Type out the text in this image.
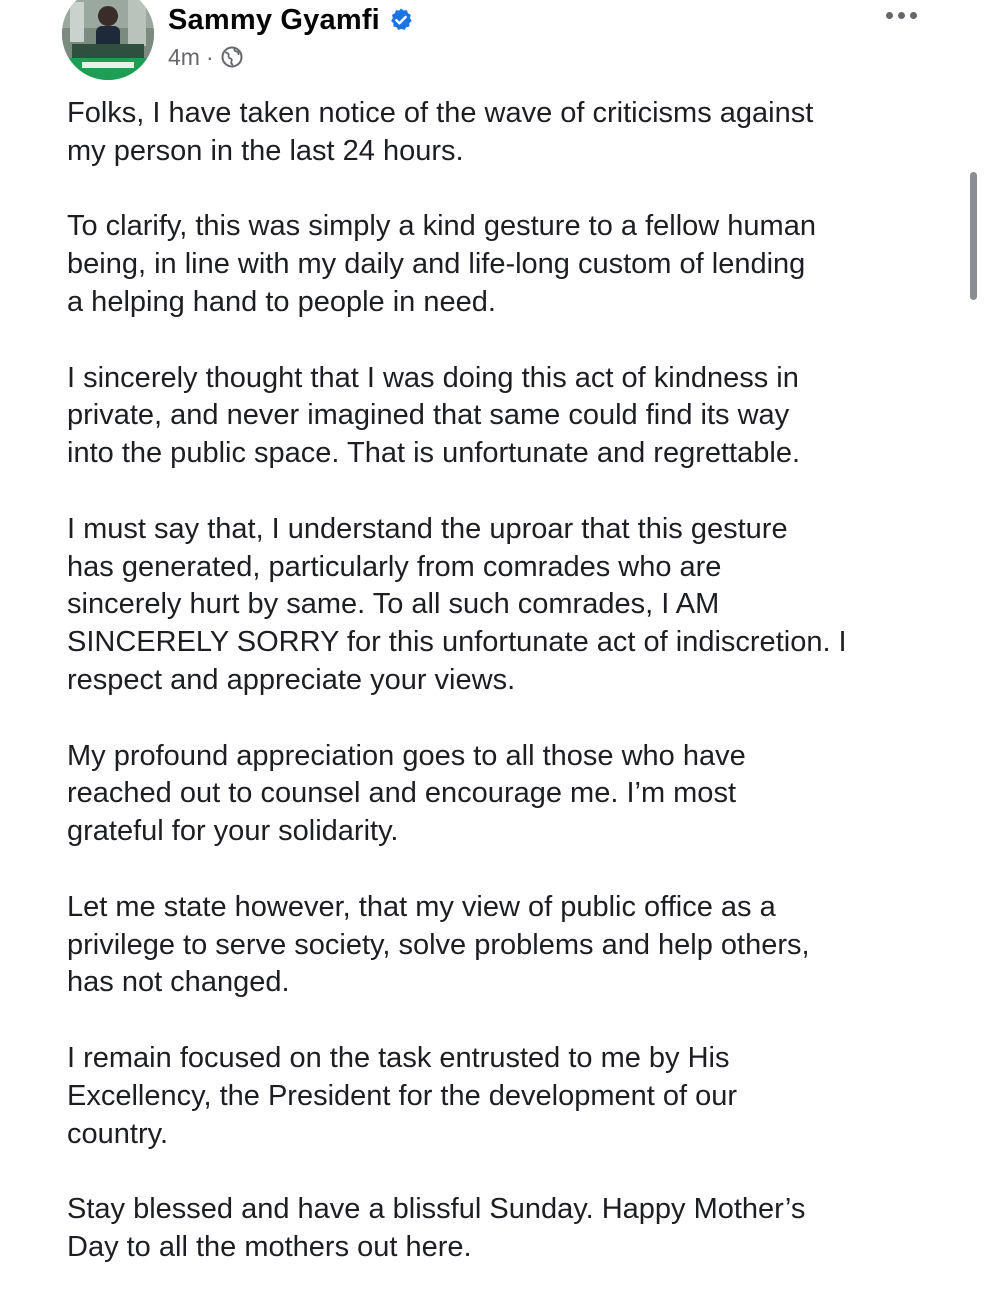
Sammy Gyamfi
4m ·

Folks, I have taken notice of the wave of criticisms against
my person in the last 24 hours.

To clarify, this was simply a kind gesture to a fellow human
being, in line with my daily and life-long custom of lending
a helping hand to people in need.

I sincerely thought that I was doing this act of kindness in
private, and never imagined that same could find its way
into the public space. That is unfortunate and regrettable.

I must say that, I understand the uproar that this gesture
has generated, particularly from comrades who are
sincerely hurt by same. To all such comrades, I AM
SINCERELY SORRY for this unfortunate act of indiscretion. I
respect and appreciate your views.

My profound appreciation goes to all those who have
reached out to counsel and encourage me. I’m most
grateful for your solidarity.

Let me state however, that my view of public office as a
privilege to serve society, solve problems and help others,
has not changed.

I remain focused on the task entrusted to me by His
Excellency, the President for the development of our
country.

Stay blessed and have a blissful Sunday. Happy Mother’s
Day to all the mothers out here.
